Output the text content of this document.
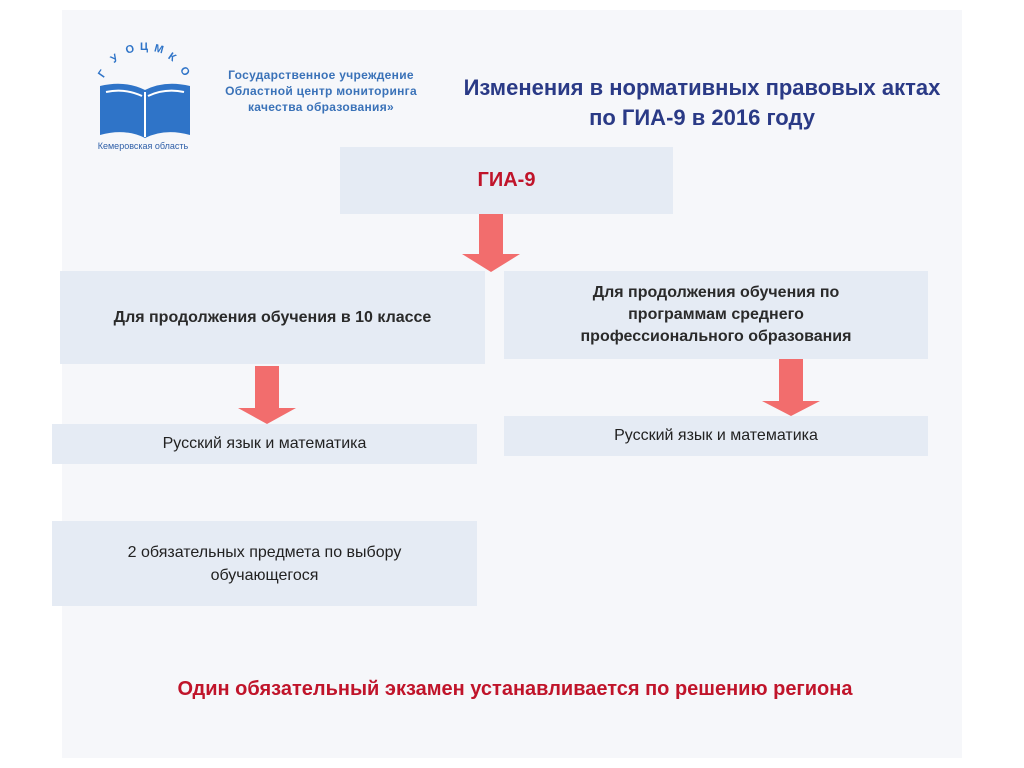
Г
У
О Ц М
К
О
Кемеровская область
Государственное учреждение
Областной центр мониторинга
качества образования»
Изменения в нормативных правовых актах по ГИА-9 в 2016 году
ГИА-9
Для продолжения обучения в 10 классе
Русский язык и математика
2 обязательных предмета по выбору обучающегося
Для продолжения обучения по программам среднего профессионального образования
Русский язык и математика
Один обязательный экзамен устанавливается по решению региона
